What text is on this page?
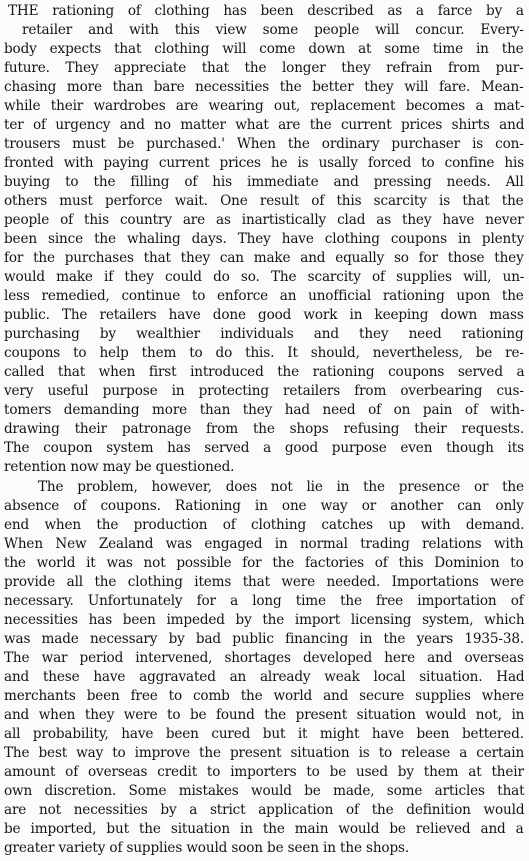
THE rationing of clothing has been described as a farce by a
retailer and with this view some people will concur. Every-
body expects that clothing will come down at some time in the
future. They appreciate that the longer they refrain from pur-
chasing more than bare necessities the better they will fare. Mean-
while their wardrobes are wearing out, replacement becomes a mat-
ter of urgency and no matter what are the current prices shirts and
trousers must be purchased.' When the ordinary purchaser is con-
fronted with paying current prices he is usally forced to confine his
buying to the filling of his immediate and pressing needs. All
others must perforce wait. One result of this scarcity is that the
people of this country are as inartistically clad as they have never
been since the whaling days. They have clothing coupons in plenty
for the purchases that they can make and equally so for those they
would make if they could do so. The scarcity of supplies will, un-
less remedied, continue to enforce an unofficial rationing upon the
public. The retailers have done good work in keeping down mass
purchasing by wealthier individuals and they need rationing
coupons to help them to do this. It should, nevertheless, be re-
called that when first introduced the rationing coupons served a
very useful purpose in protecting retailers from overbearing cus-
tomers demanding more than they had need of on pain of with-
drawing their patronage from the shops refusing their requests.
The coupon system has served a good purpose even though its
retention now may be questioned.
The problem, however, does not lie in the presence or the
absence of coupons. Rationing in one way or another can only
end when the production of clothing catches up with demand.
When New Zealand was engaged in normal trading relations with
the world it was not possible for the factories of this Dominion to
provide all the clothing items that were needed. Importations were
necessary. Unfortunately for a long time the free importation of
necessities has been impeded by the import licensing system, which
was made necessary by bad public financing in the years 1935-38.
The war period intervened, shortages developed here and overseas
and these have aggravated an already weak local situation. Had
merchants been free to comb the world and secure supplies where
and when they were to be found the present situation would not, in
all probability, have been cured but it might have been bettered.
The best way to improve the present situation is to release a certain
amount of overseas credit to importers to be used by them at their
own discretion. Some mistakes would be made, some articles that
are not necessities by a strict application of the definition would
be imported, but the situation in the main would be relieved and a
greater variety of supplies would soon be seen in the shops.
